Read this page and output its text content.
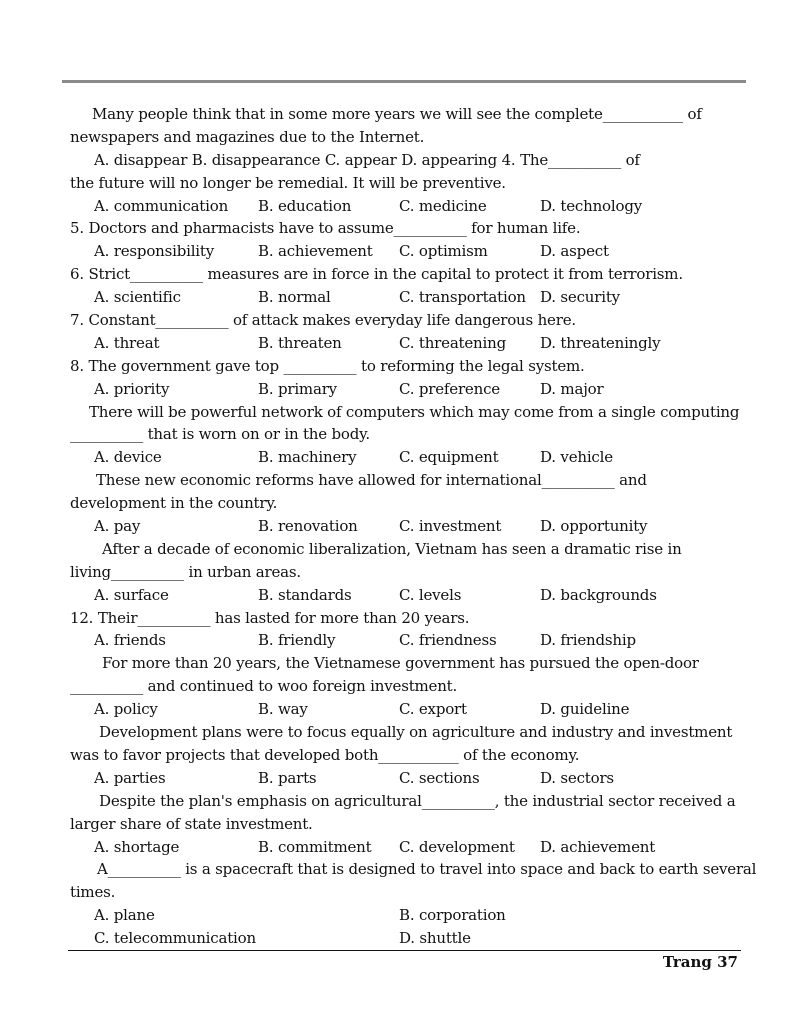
Many people think that in some more years we will see the complete___________ of
newspapers and magazines due to the Internet.
A. disappear B. disappearance C. appear D. appearing 4. The__________ of
the future will no longer be remedial. It will be preventive.
A. communication B. education	C. medicine	D. technology
5. Doctors and pharmacists have to assume__________ for human life.
A. responsibility	B. achievement C. optimism	D. aspect
6. Strict__________ measures are in force in the capital to protect it from terrorism.
A. scientific	B. normal	C. transportation D. security
7. Constant__________ of attack makes everyday life dangerous here.
A. threat	B. threaten	C. threatening D. threateningly
8. The government gave top __________ to reforming the legal system.
A. priority	B. primary	C. preference	D. major
There will be powerful network of computers which may come from a single computing
__________ that is worn on or in the body.
A. device	B. machinery	C. equipment	D. vehicle
These new economic reforms have allowed for international__________ and
development in the country.
A. pay	B. renovation	C. investment	D. opportunity
After a decade of economic liberalization, Vietnam has seen a dramatic rise in
living__________ in urban areas.
A. surface	B. standards	C. levels	D. backgrounds
12. Their__________ has lasted for more than 20 years.
A. friends	B. friendly	C. friendness	D. friendship
For more than 20 years, the Vietnamese government has pursued the open-door
__________ and continued to woo foreign investment.
A. policy	B. way	C. export	D. guideline
Development plans were to focus equally on agriculture and industry and investment
was to favor projects that developed both___________ of the economy.
A. parties	B. parts	C. sections	D. sectors
Despite the plan's emphasis on agricultural__________, the industrial sector received a
larger share of state investment.
A. shortage	B. commitment C. development D. achievement
A__________ is a spacecraft that is designed to travel into space and back to earth several
times.
A. plane	B. corporation
C. telecommunication	D. shuttle
Trang 37
